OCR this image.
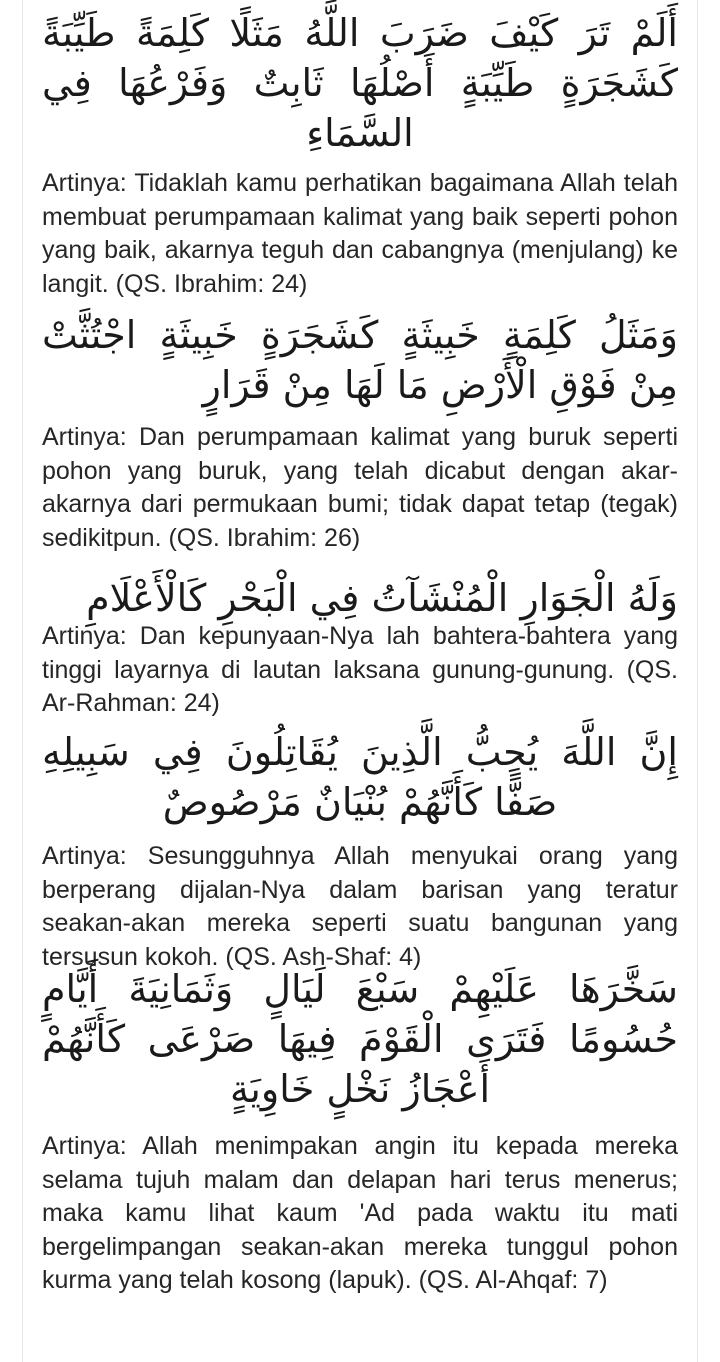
أَلَمْ تَرَ كَيْفَ ضَرَبَ اللَّهُ مَثَلًا كَلِمَةً طَيِّبَةً كَشَجَرَةٍ طَيِّبَةٍ أَصْلُهَا ثَابِتٌ وَفَرْعُهَا فِي السَّمَاءِ

Artinya: Tidaklah kamu perhatikan bagaimana Allah telah membuat perumpamaan kalimat yang baik seperti pohon yang baik, akarnya teguh dan cabangnya (menjulang) ke langit. (QS. Ibrahim: 24)

وَمَثَلُ كَلِمَةٍ خَبِيثَةٍ كَشَجَرَةٍ خَبِيثَةٍ اجْتُثَّتْ مِنْ فَوْقِ الْأَرْضِ مَا لَهَا مِنْ قَرَارٍ

Artinya: Dan perumpamaan kalimat yang buruk seperti pohon yang buruk, yang telah dicabut dengan akar-akarnya dari permukaan bumi; tidak dapat tetap (tegak) sedikitpun. (QS. Ibrahim: 26)

وَلَهُ الْجَوَارِ الْمُنْشَآتُ فِي الْبَحْرِ كَالْأَعْلَامِ

Artinya: Dan kepunyaan-Nya lah bahtera-bahtera yang tinggi layarnya di lautan laksana gunung-gunung. (QS. Ar-Rahman: 24)

إِنَّ اللَّهَ يُحِبُّ الَّذِينَ يُقَاتِلُونَ فِي سَبِيلِهِ صَفًّا كَأَنَّهُمْ بُنْيَانٌ مَرْصُوصٌ

Artinya: Sesungguhnya Allah menyukai orang yang berperang dijalan-Nya dalam barisan yang teratur seakan-akan mereka seperti suatu bangunan yang tersusun kokoh. (QS. Ash-Shaf: 4)

سَخَّرَهَا عَلَيْهِمْ سَبْعَ لَيَالٍ وَثَمَانِيَةَ أَيَّامٍ حُسُومًا فَتَرَى الْقَوْمَ فِيهَا صَرْعَى كَأَنَّهُمْ أَعْجَازُ نَخْلٍ خَاوِيَةٍ

Artinya: Allah menimpakan angin itu kepada mereka selama tujuh malam dan delapan hari terus menerus; maka kamu lihat kaum 'Ad pada waktu itu mati bergelimpangan seakan-akan mereka tunggul pohon kurma yang telah kosong (lapuk). (QS. Al-Ahqaf: 7)
